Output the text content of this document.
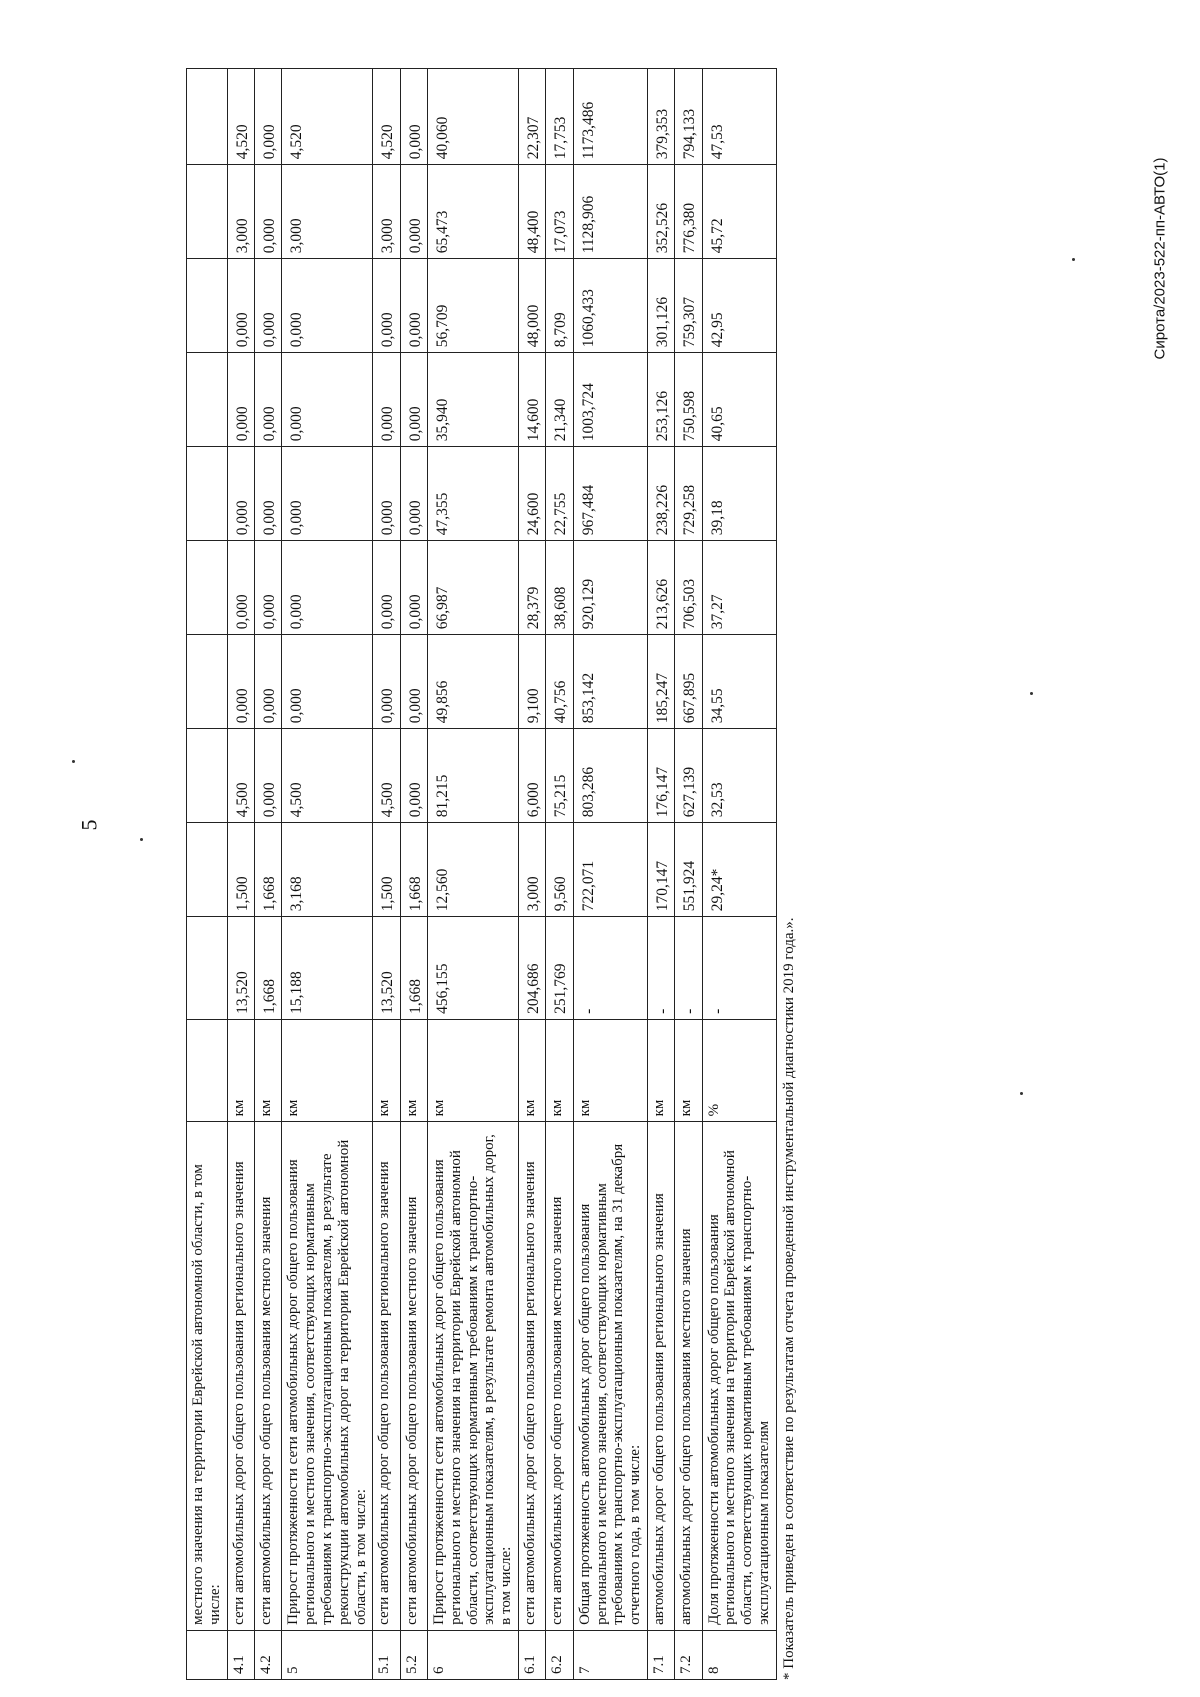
5
Сирота/2023-522-пп-АВТО(1)
	местного значения на территории Еврейской автономной области, в том числе:											
4.1	сети автомобильных дорог общего пользования регионального значения	км	13,520	1,500	4,500	0,000	0,000	0,000	0,000	0,000	3,000	4,520
4.2	сети автомобильных дорог общего пользования местного значения	км	1,668	1,668	0,000	0,000	0,000	0,000	0,000	0,000	0,000	0,000
5	Прирост протяженности сети автомобильных дорог общего пользования регионального и местного значения, соответствующих нормативным требованиям к транспортно-эксплуатационным показателям, в результате реконструкции автомобильных дорог на территории Еврейской автономной области, в том числе:	км	15,188	3,168	4,500	0,000	0,000	0,000	0,000	0,000	3,000	4,520
5.1	сети автомобильных дорог общего пользования регионального значения	км	13,520	1,500	4,500	0,000	0,000	0,000	0,000	0,000	3,000	4,520
5.2	сети автомобильных дорог общего пользования местного значения	км	1,668	1,668	0,000	0,000	0,000	0,000	0,000	0,000	0,000	0,000
6	Прирост протяженности сети автомобильных дорог общего пользования регионального и местного значения на территории Еврейской автономной области, соответствующих нормативным требованиям к транспортно-эксплуатационным показателям, в результате ремонта автомобильных дорог, в том числе:	км	456,155	12,560	81,215	49,856	66,987	47,355	35,940	56,709	65,473	40,060
6.1	сети автомобильных дорог общего пользования регионального значения	км	204,686	3,000	6,000	9,100	28,379	24,600	14,600	48,000	48,400	22,307
6.2	сети автомобильных дорог общего пользования местного значения	км	251,769	9,560	75,215	40,756	38,608	22,755	21,340	8,709	17,073	17,753
7	Общая протяженность автомобильных дорог общего пользования регионального и местного значения, соответствующих нормативным требованиям к транспортно-эксплуатационным показателям, на 31 декабря отчетного года, в том числе:	км	-	722,071	803,286	853,142	920,129	967,484	1003,724	1060,433	1128,906	1173,486
7.1	автомобильных дорог общего пользования регионального значения	км	-	170,147	176,147	185,247	213,626	238,226	253,126	301,126	352,526	379,353
7.2	автомобильных дорог общего пользования местного значения	км	-	551,924	627,139	667,895	706,503	729,258	750,598	759,307	776,380	794,133
8	Доля протяженности автомобильных дорог общего пользования регионального и местного значения на территории Еврейской автономной области, соответствующих нормативным требованиям к транспортно-эксплуатационным показателям	%	-	29,24*	32,53	34,55	37,27	39,18	40,65	42,95	45,72	47,53
* Показатель приведен в соответствие по результатам отчета проведенной инструментальной диагностики 2019 года.».
